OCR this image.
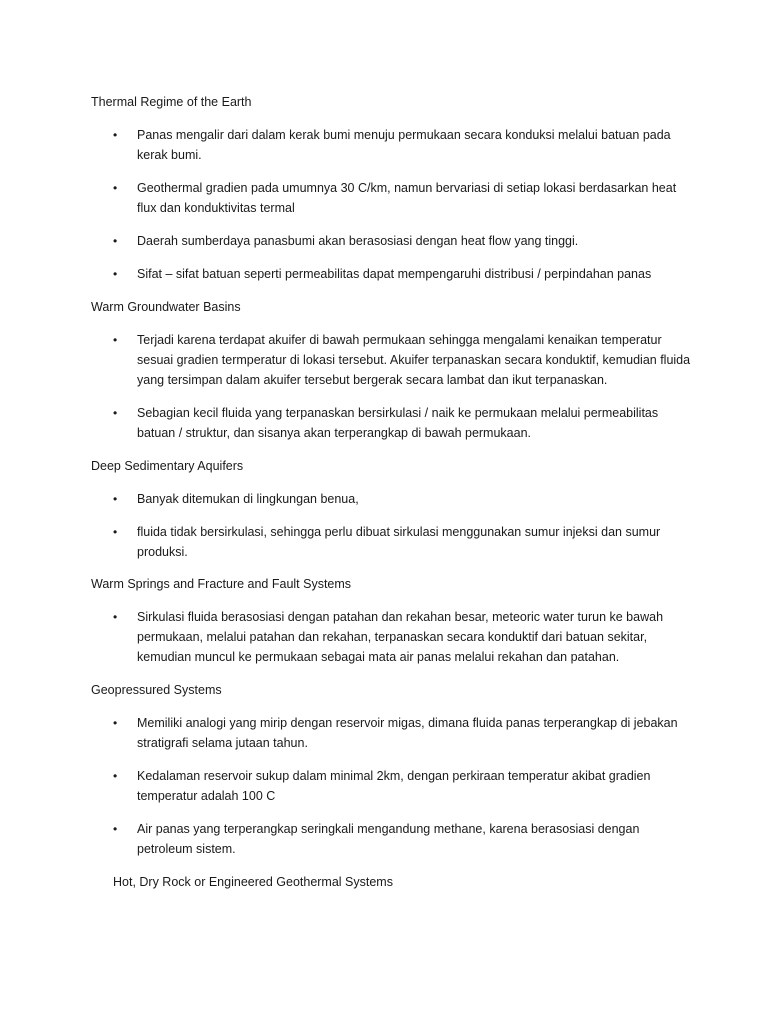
Thermal Regime of the Earth
•	Panas mengalir dari dalam kerak bumi menuju permukaan secara konduksi melalui batuan pada kerak bumi.
•	Geothermal gradien pada umumnya 30 C/km, namun bervariasi di setiap lokasi berdasarkan heat flux dan konduktivitas termal
•	Daerah sumberdaya panasbumi akan berasosiasi dengan heat flow yang tinggi.
•	Sifat – sifat batuan seperti permeabilitas dapat mempengaruhi distribusi / perpindahan panas
Warm Groundwater Basins
•	Terjadi karena terdapat akuifer di bawah permukaan sehingga mengalami kenaikan temperatur sesuai gradien termperatur di lokasi tersebut. Akuifer terpanaskan secara konduktif, kemudian fluida yang tersimpan dalam akuifer tersebut bergerak secara lambat dan ikut terpanaskan.
•	Sebagian kecil fluida yang terpanaskan bersirkulasi / naik ke permukaan melalui permeabilitas batuan / struktur, dan sisanya akan terperangkap di bawah permukaan.
Deep Sedimentary Aquifers
•	Banyak ditemukan di lingkungan benua,
•	fluida tidak bersirkulasi, sehingga perlu dibuat sirkulasi menggunakan sumur injeksi dan sumur produksi.
Warm Springs and Fracture and Fault Systems
•	Sirkulasi fluida berasosiasi dengan patahan dan rekahan besar, meteoric water turun ke bawah permukaan, melalui patahan dan rekahan, terpanaskan secara konduktif dari batuan sekitar, kemudian muncul ke permukaan sebagai mata air panas melalui rekahan dan patahan.
Geopressured Systems
•	Memiliki analogi yang mirip dengan reservoir migas, dimana fluida panas terperangkap di jebakan stratigrafi selama jutaan tahun.
•	Kedalaman reservoir sukup dalam minimal 2km, dengan perkiraan temperatur akibat gradien temperatur adalah 100 C
•	Air panas yang terperangkap seringkali mengandung methane, karena berasosiasi dengan petroleum sistem.
Hot, Dry Rock or Engineered Geothermal Systems
